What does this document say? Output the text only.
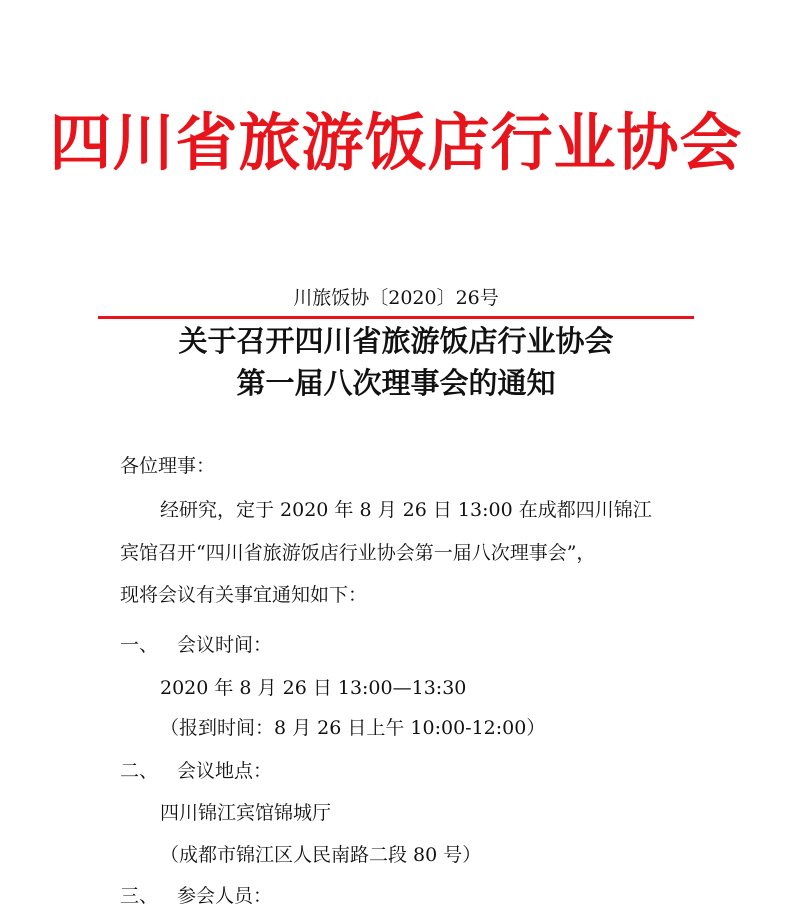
四川省旅游饭店行业协会
川旅饭协〔2020〕26号
关于召开四川省旅游饭店行业协会
第一届八次理事会的通知
各位理事：
经研究，定于 2020 年 8 月 26 日 13:00 在成都四川锦江
宾馆召开“四川省旅游饭店行业协会第一届八次理事会”，
现将会议有关事宜通知如下：
一、 会议时间：
2020 年 8 月 26 日 13:00—13:30
（报到时间：8 月 26 日上午 10:00-12:00）
二、 会议地点：
四川锦江宾馆锦城厅
（成都市锦江区人民南路二段 80 号）
三、 参会人员：
